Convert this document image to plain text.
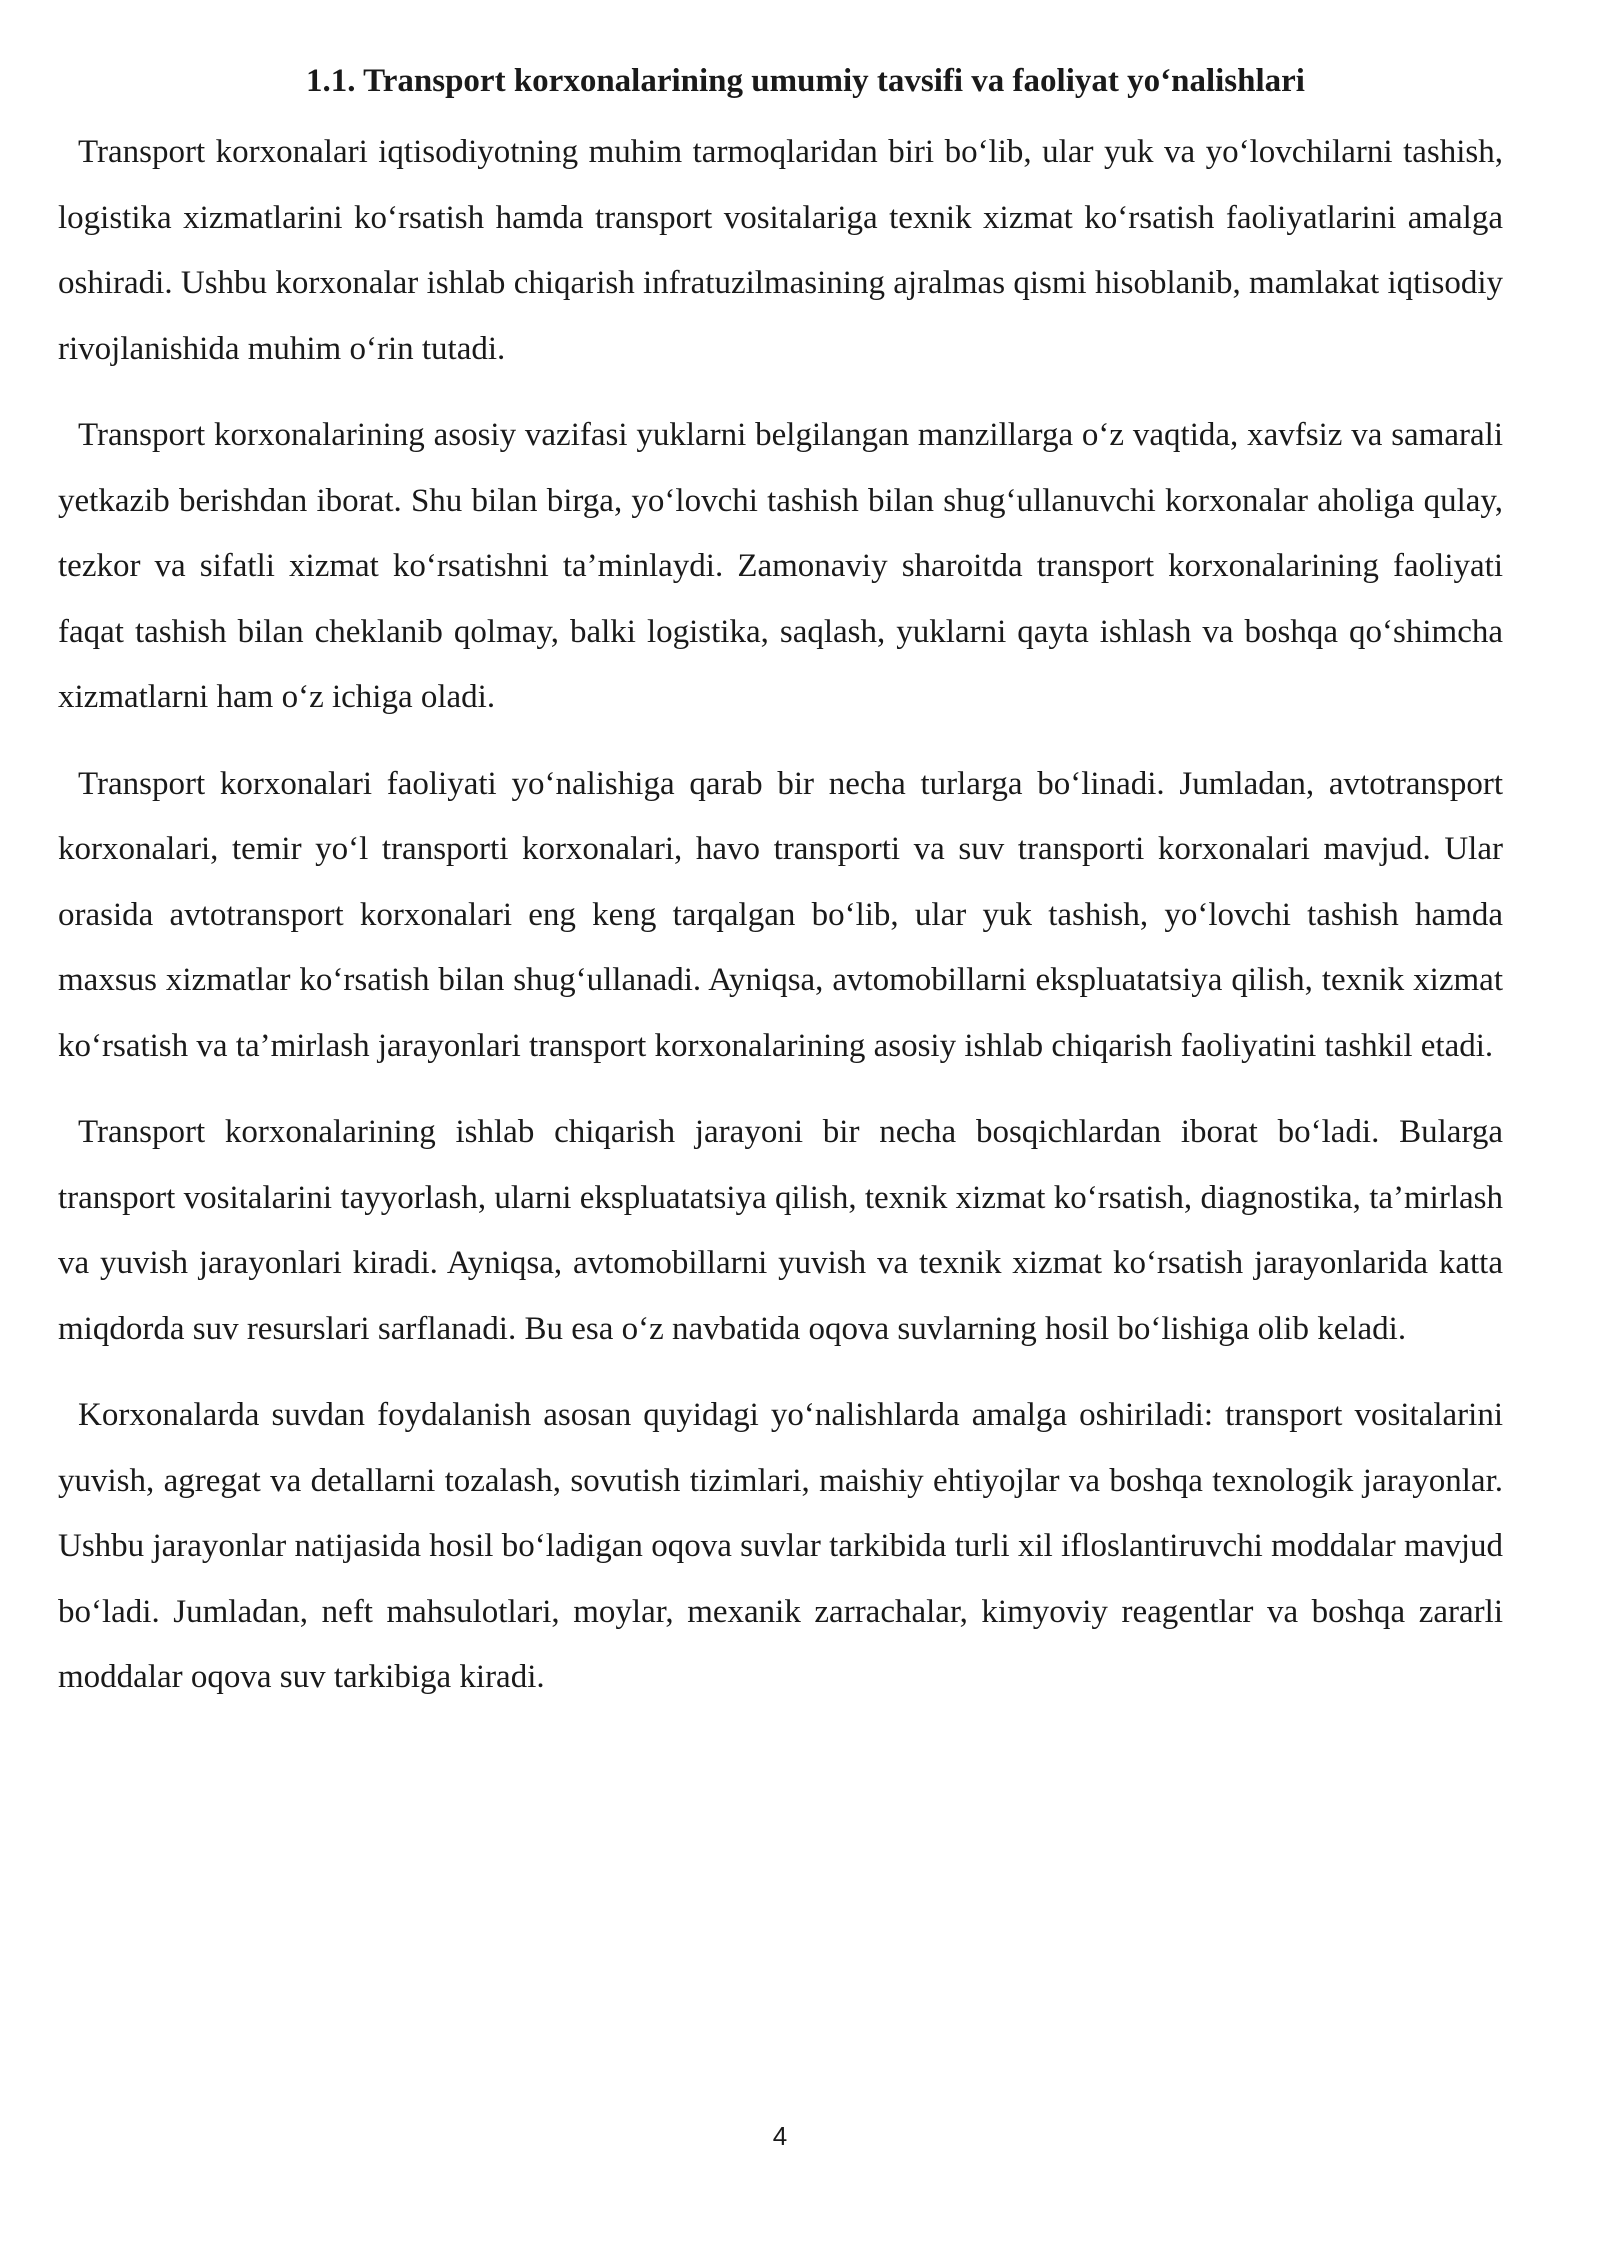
1.1. Transport korxonalarining umumiy tavsifi va faoliyat yo‘nalishlari

Transport korxonalari iqtisodiyotning muhim tarmoqlaridan biri bo‘lib, ular yuk va yo‘lovchilarni tashish, logistika xizmatlarini ko‘rsatish hamda transport vositalariga texnik xizmat ko‘rsatish faoliyatlarini amalga oshiradi. Ushbu korxonalar ishlab chiqarish infratuzilmasining ajralmas qismi hisoblanib, mamlakat iqtisodiy rivojlanishida muhim o‘rin tutadi.

Transport korxonalarining asosiy vazifasi yuklarni belgilangan manzillarga o‘z vaqtida, xavfsiz va samarali yetkazib berishdan iborat. Shu bilan birga, yo‘lovchi tashish bilan shug‘ullanuvchi korxonalar aholiga qulay, tezkor va sifatli xizmat ko‘rsatishni ta’minlaydi. Zamonaviy sharoitda transport korxonalarining faoliyati faqat tashish bilan cheklanib qolmay, balki logistika, saqlash, yuklarni qayta ishlash va boshqa qo‘shimcha xizmatlarni ham o‘z ichiga oladi.

Transport korxonalari faoliyati yo‘nalishiga qarab bir necha turlarga bo‘linadi. Jumladan, avtotransport korxonalari, temir yo‘l transporti korxonalari, havo transporti va suv transporti korxonalari mavjud. Ular orasida avtotransport korxonalari eng keng tarqalgan bo‘lib, ular yuk tashish, yo‘lovchi tashish hamda maxsus xizmatlar ko‘rsatish bilan shug‘ullanadi. Ayniqsa, avtomobillarni ekspluatatsiya qilish, texnik xizmat ko‘rsatish va ta’mirlash jarayonlari transport korxonalarining asosiy ishlab chiqarish faoliyatini tashkil etadi.

Transport korxonalarining ishlab chiqarish jarayoni bir necha bosqichlardan iborat bo‘ladi. Bularga transport vositalarini tayyorlash, ularni ekspluatatsiya qilish, texnik xizmat ko‘rsatish, diagnostika, ta’mirlash va yuvish jarayonlari kiradi. Ayniqsa, avtomobillarni yuvish va texnik xizmat ko‘rsatish jarayonlarida katta miqdorda suv resurslari sarflanadi. Bu esa o‘z navbatida oqova suvlarning hosil bo‘lishiga olib keladi.

Korxonalarda suvdan foydalanish asosan quyidagi yo‘nalishlarda amalga oshiriladi: transport vositalarini yuvish, agregat va detallarni tozalash, sovutish tizimlari, maishiy ehtiyojlar va boshqa texnologik jarayonlar. Ushbu jarayonlar natijasida hosil bo‘ladigan oqova suvlar tarkibida turli xil ifloslantiruvchi moddalar mavjud bo‘ladi. Jumladan, neft mahsulotlari, moylar, mexanik zarrachalar, kimyoviy reagentlar va boshqa zararli moddalar oqova suv tarkibiga kiradi.

4
